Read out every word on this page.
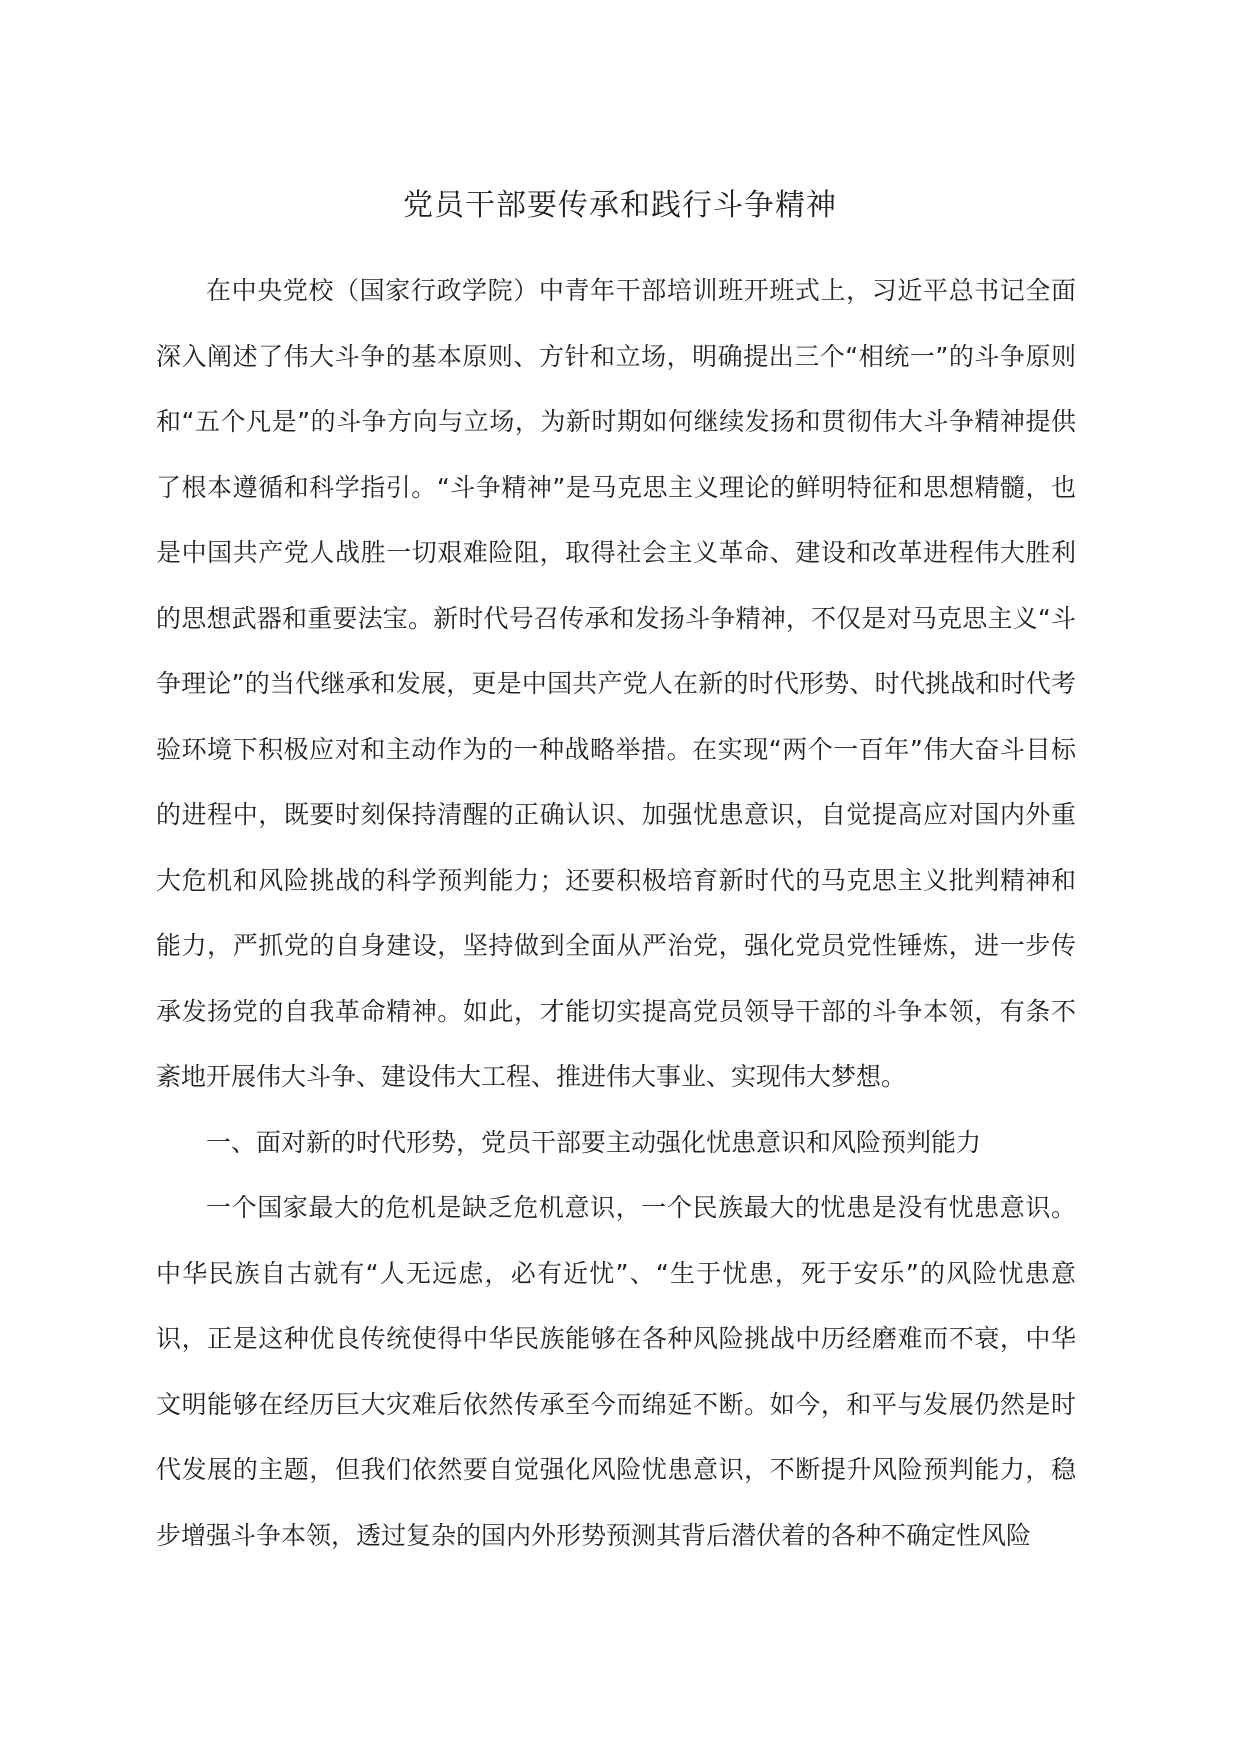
党员干部要传承和践行斗争精神

在中央党校（国家行政学院）中青年干部培训班开班式上，习近平总书记全面深入阐述了伟大斗争的基本原则、方针和立场，明确提出三个“相统一”的斗争原则和“五个凡是”的斗争方向与立场，为新时期如何继续发扬和贯彻伟大斗争精神提供了根本遵循和科学指引。“斗争精神”是马克思主义理论的鲜明特征和思想精髓，也是中国共产党人战胜一切艰难险阻，取得社会主义革命、建设和改革进程伟大胜利的思想武器和重要法宝。新时代号召传承和发扬斗争精神，不仅是对马克思主义“斗争理论”的当代继承和发展，更是中国共产党人在新的时代形势、时代挑战和时代考验环境下积极应对和主动作为的一种战略举措。在实现“两个一百年”伟大奋斗目标的进程中，既要时刻保持清醒的正确认识、加强忧患意识，自觉提高应对国内外重大危机和风险挑战的科学预判能力；还要积极培育新时代的马克思主义批判精神和能力，严抓党的自身建设，坚持做到全面从严治党，强化党员党性锤炼，进一步传承发扬党的自我革命精神。如此，才能切实提高党员领导干部的斗争本领，有条不紊地开展伟大斗争、建设伟大工程、推进伟大事业、实现伟大梦想。

一、面对新的时代形势，党员干部要主动强化忧患意识和风险预判能力

一个国家最大的危机是缺乏危机意识，一个民族最大的忧患是没有忧患意识。中华民族自古就有“人无远虑，必有近忧”、“生于忧患，死于安乐”的风险忧患意识，正是这种优良传统使得中华民族能够在各种风险挑战中历经磨难而不衰，中华文明能够在经历巨大灾难后依然传承至今而绵延不断。如今，和平与发展仍然是时代发展的主题，但我们依然要自觉强化风险忧患意识，不断提升风险预判能力，稳步增强斗争本领，透过复杂的国内外形势预测其背后潜伏着的各种不确定性风险
